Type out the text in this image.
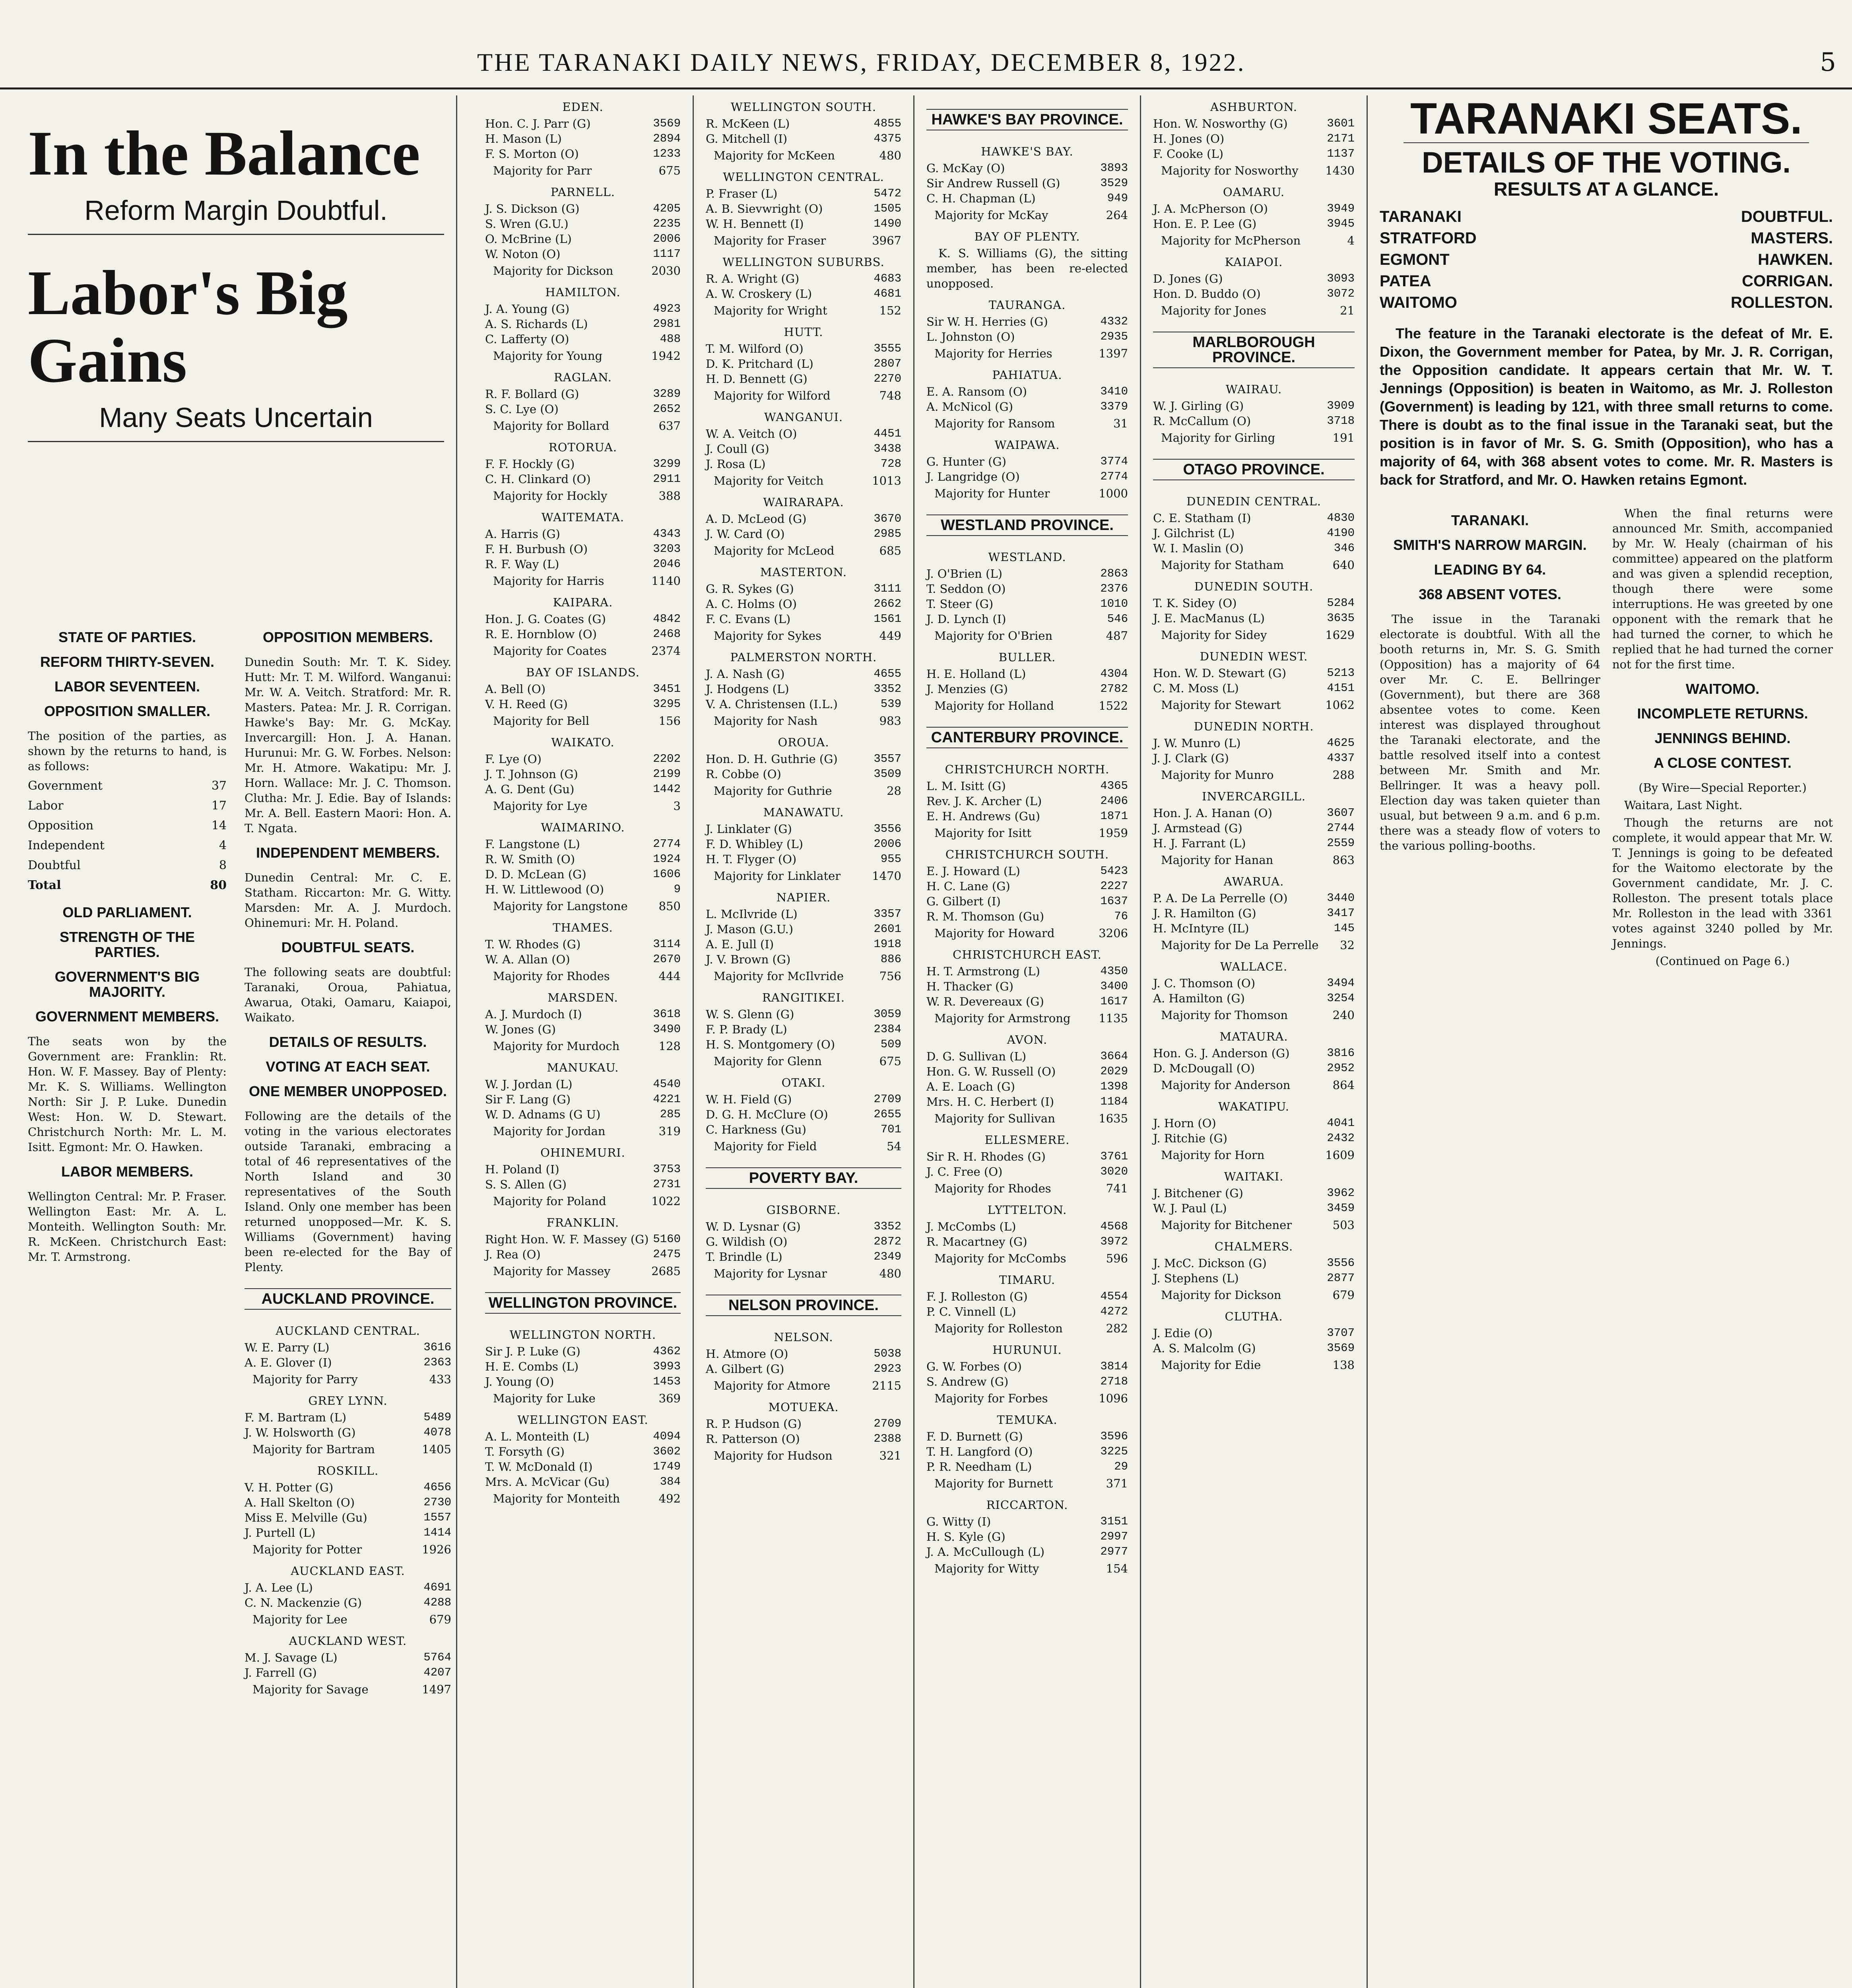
THE TARANAKI DAILY NEWS, FRIDAY, DECEMBER 8, 1922.	5
In the Balance
Reform Margin Doubtful.
Labor's Big Gains
Many Seats Uncertain
STATE OF PARTIES.
REFORM THIRTY-SEVEN.
LABOR SEVENTEEN.
OPPOSITION SMALLER.

The position of the parties, as shown by the returns to hand, is as follows:

Government	37
Labor	17
Opposition	14
Independent	4
Doubtful	8
Total	80
OLD PARLIAMENT.
STRENGTH OF THE PARTIES.
GOVERNMENT'S BIG MAJORITY.
GOVERNMENT MEMBERS.

The seats won by the Government are: Franklin: Rt. Hon. W. F. Massey. Bay of Plenty: Mr. K. S. Williams. Wellington North: Sir J. P. Luke. Dunedin West: Hon. W. D. Stewart. Christchurch North: Mr. L. M. Isitt. Egmont: Mr. O. Hawken.

LABOR MEMBERS.

Wellington Central: Mr. P. Fraser. Wellington East: Mr. A. L. Monteith. Wellington South: Mr. R. McKeen. Christchurch East: Mr. T. Armstrong.

OPPOSITION MEMBERS.

Dunedin South: Mr. T. K. Sidey. Hutt: Mr. T. M. Wilford. Wanganui: Mr. W. A. Veitch. Stratford: Mr. R. Masters. Patea: Mr. J. R. Corrigan. Hawke's Bay: Mr. G. McKay. Invercargill: Hon. J. A. Hanan. Hurunui: Mr. G. W. Forbes. Nelson: Mr. H. Atmore. Wakatipu: Mr. J. Horn. Wallace: Mr. J. C. Thomson. Clutha: Mr. J. Edie. Bay of Islands: Mr. A. Bell. Eastern Maori: Hon. A. T. Ngata.

INDEPENDENT MEMBERS.

Dunedin Central: Mr. C. E. Statham. Riccarton: Mr. G. Witty. Marsden: Mr. A. J. Murdoch. Ohinemuri: Mr. H. Poland.

DOUBTFUL SEATS.

The following seats are doubtful: Taranaki, Oroua, Pahiatua, Awarua, Otaki, Oamaru, Kaiapoi, Waikato.

DETAILS OF RESULTS.
VOTING AT EACH SEAT.
ONE MEMBER UNOPPOSED.

Following are the details of the voting in the various electorates outside Taranaki, embracing a total of 46 representatives of the North Island and 30 representatives of the South Island. Only one member has been returned unopposed—Mr. K. S. Williams (Government) having been re-elected for the Bay of Plenty.

AUCKLAND PROVINCE.
AUCKLAND CENTRAL.
W. E. Parry (L)	3616
A. E. Glover (I)	2363
Majority for Parry	433
GREY LYNN.
F. M. Bartram (L)	5489
J. W. Holsworth (G)	4078
Majority for Bartram	1405
ROSKILL.
V. H. Potter (G)	4656
A. Hall Skelton (O)	2730
Miss E. Melville (Gu)	1557
J. Purtell (L)	1414
Majority for Potter	1926
AUCKLAND EAST.
J. A. Lee (L)	4691
C. N. Mackenzie (G)	4288
Majority for Lee	679
AUCKLAND WEST.
M. J. Savage (L)	5764
J. Farrell (G)	4207
Majority for Savage	1497
EDEN.
Hon. C. J. Parr (G)	3569
H. Mason (L)	2894
F. S. Morton (O)	1233
Majority for Parr	675
PARNELL.
J. S. Dickson (G)	4205
S. Wren (G.U.)	2235
O. McBrine (L)	2006
W. Noton (O)	1117
Majority for Dickson	2030
HAMILTON.
J. A. Young (G)	4923
A. S. Richards (L)	2981
C. Lafferty (O)	488
Majority for Young	1942
RAGLAN.
R. F. Bollard (G)	3289
S. C. Lye (O)	2652
Majority for Bollard	637
ROTORUA.
F. F. Hockly (G)	3299
C. H. Clinkard (O)	2911
Majority for Hockly	388
WAITEMATA.
A. Harris (G)	4343
F. H. Burbush (O)	3203
R. F. Way (L)	2046
Majority for Harris	1140
KAIPARA.
Hon. J. G. Coates (G)	4842
R. E. Hornblow (O)	2468
Majority for Coates	2374
BAY OF ISLANDS.
A. Bell (O)	3451
V. H. Reed (G)	3295
Majority for Bell	156
WAIKATO.
F. Lye (O)	2202
J. T. Johnson (G)	2199
A. G. Dent (Gu)	1442
Majority for Lye	3
WAIMARINO.
F. Langstone (L)	2774
R. W. Smith (O)	1924
D. D. McLean (G)	1606
H. W. Littlewood (O)	9
Majority for Langstone	850
THAMES.
T. W. Rhodes (G)	3114
W. A. Allan (O)	2670
Majority for Rhodes	444
MARSDEN.
A. J. Murdoch (I)	3618
W. Jones (G)	3490
Majority for Murdoch	128
MANUKAU.
W. J. Jordan (L)	4540
Sir F. Lang (G)	4221
W. D. Adnams (G U)	285
Majority for Jordan	319
OHINEMURI.
H. Poland (I)	3753
S. S. Allen (G)	2731
Majority for Poland	1022
FRANKLIN.
Right Hon. W. F. Massey (G) 5160
J. Rea (O)	2475
Majority for Massey	2685
WELLINGTON PROVINCE.
WELLINGTON NORTH.
Sir J. P. Luke (G)	4362
H. E. Combs (L)	3993
J. Young (O)	1453
Majority for Luke	369
WELLINGTON EAST.
A. L. Monteith (L)	4094
T. Forsyth (G)	3602
T. W. McDonald (I)	1749
Mrs. A. McVicar (Gu)	384
Majority for Monteith	492
WELLINGTON SOUTH.
R. McKeen (L)	4855
G. Mitchell (I)	4375
Majority for McKeen	480
WELLINGTON CENTRAL.
P. Fraser (L)	5472
A. B. Sievwright (O)	1505
W. H. Bennett (I)	1490
Majority for Fraser	3967
WELLINGTON SUBURBS.
R. A. Wright (G)	4683
A. W. Croskery (L)	4681
Majority for Wright	152
HUTT.
T. M. Wilford (O)	3555
D. K. Pritchard (L)	2807
H. D. Bennett (G)	2270
Majority for Wilford	748
WANGANUI.
W. A. Veitch (O)	4451
J. Coull (G)	3438
J. Rosa (L)	728
Majority for Veitch	1013
WAIRARAPA.
A. D. McLeod (G)	3670
J. W. Card (O)	2985
Majority for McLeod	685
MASTERTON.
G. R. Sykes (G)	3111
A. C. Holms (O)	2662
F. C. Evans (L)	1561
Majority for Sykes	449
PALMERSTON NORTH.
J. A. Nash (G)	4655
J. Hodgens (L)	3352
V. A. Christensen (I.L.)	539
Majority for Nash	983
OROUA.
Hon. D. H. Guthrie (G)	3557
R. Cobbe (O)	3509
Majority for Guthrie	28
MANAWATU.
J. Linklater (G)	3556
F. D. Whibley (L)	2006
H. T. Flyger (O)	955
Majority for Linklater	1470
NAPIER.
L. McIlvride (L)	3357
J. Mason (G.U.)	2601
A. E. Jull (I)	1918
J. V. Brown (G)	886
Majority for McIlvride	756
RANGITIKEI.
W. S. Glenn (G)	3059
F. P. Brady (L)	2384
H. S. Montgomery (O)	509
Majority for Glenn	675
OTAKI.
W. H. Field (G)	2709
D. G. H. McClure (O)	2655
C. Harkness (Gu)	701
Majority for Field	54
POVERTY BAY.
GISBORNE.
W. D. Lysnar (G)	3352
G. Wildish (O)	2872
T. Brindle (L)	2349
Majority for Lysnar	480
NELSON PROVINCE.
NELSON.
H. Atmore (O)	5038
A. Gilbert (G)	2923
Majority for Atmore	2115
MOTUEKA.
R. P. Hudson (G)	2709
R. Patterson (O)	2388
Majority for Hudson	321
HAWKE'S BAY PROVINCE.
HAWKE'S BAY.
G. McKay (O)	3893
Sir Andrew Russell (G)	3529
C. H. Chapman (L)	949
Majority for McKay	264
BAY OF PLENTY.
K. S. Williams (G), the sitting member, has been re-elected unopposed.
TAURANGA.
Sir W. H. Herries (G)	4332
L. Johnston (O)	2935
Majority for Herries	1397
PAHIATUA.
E. A. Ransom (O)	3410
A. McNicol (G)	3379
Majority for Ransom	31
WAIPAWA.
G. Hunter (G)	3774
J. Langridge (O)	2774
Majority for Hunter	1000
WESTLAND PROVINCE.
WESTLAND.
J. O'Brien (L)	2863
T. Seddon (O)	2376
T. Steer (G)	1010
J. D. Lynch (I)	546
Majority for O'Brien	487
BULLER.
H. E. Holland (L)	4304
J. Menzies (G)	2782
Majority for Holland	1522
CANTERBURY PROVINCE.
CHRISTCHURCH NORTH.
L. M. Isitt (G)	4365
Rev. J. K. Archer (L)	2406
E. H. Andrews (Gu)	1871
Majority for Isitt	1959
CHRISTCHURCH SOUTH.
E. J. Howard (L)	5423
H. C. Lane (G)	2227
G. Gilbert (I)	1637
R. M. Thomson (Gu)	76
Majority for Howard	3206
CHRISTCHURCH EAST.
H. T. Armstrong (L)	4350
H. Thacker (G)	3400
W. R. Devereaux (G)	1617
Majority for Armstrong 1135
AVON.
D. G. Sullivan (L)	3664
Hon. G. W. Russell (O)	2029
A. E. Loach (G)	1398
Mrs. H. C. Herbert (I)	1184
Majority for Sullivan	1635
ELLESMERE.
Sir R. H. Rhodes (G)	3761
J. C. Free (O)	3020
Majority for Rhodes	741
LYTTELTON.
J. McCombs (L)	4568
R. Macartney (G)	3972
Majority for McCombs	596
TIMARU.
F. J. Rolleston (G)	4554
P. C. Vinnell (L)	4272
Majority for Rolleston	282
HURUNUI.
G. W. Forbes (O)	3814
S. Andrew (G)	2718
Majority for Forbes	1096
TEMUKA.
F. D. Burnett (G)	3596
T. H. Langford (O)	3225
P. R. Needham (L)	29
Majority for Burnett	371
RICCARTON.
G. Witty (I)	3151
H. S. Kyle (G)	2997
J. A. McCullough (L)	2977
Majority for Witty	154
ASHBURTON.
Hon. W. Nosworthy (G)	3601
H. Jones (O)	2171
F. Cooke (L)	1137
Majority for Nosworthy 1430
OAMARU.
J. A. McPherson (O)	3949
Hon. E. P. Lee (G)	3945
Majority for McPherson	4
KAIAPOI.
D. Jones (G)	3093
Hon. D. Buddo (O)	3072
Majority for Jones	21
MARLBOROUGH PROVINCE.
WAIRAU.
W. J. Girling (G)	3909
R. McCallum (O)	3718
Majority for Girling	191
OTAGO PROVINCE.
DUNEDIN CENTRAL.
C. E. Statham (I)	4830
J. Gilchrist (L)	4190
W. I. Maslin (O)	346
Majority for Statham	640
DUNEDIN SOUTH.
T. K. Sidey (O)	5284
J. E. MacManus (L)	3635
Majority for Sidey	1629
DUNEDIN WEST.
Hon. W. D. Stewart (G)	5213
C. M. Moss (L)	4151
Majority for Stewart	1062
DUNEDIN NORTH.
J. W. Munro (L)	4625
J. J. Clark (G)	4337
Majority for Munro	288
INVERCARGILL.
Hon. J. A. Hanan (O)	3607
J. Armstead (G)	2744
H. J. Farrant (L)	2559
Majority for Hanan	863
AWARUA.
P. A. De La Perrelle (O)	3440
J. R. Hamilton (G)	3417
H. McIntyre (IL)	145
Majority for De La Perrelle 32
WALLACE.
J. C. Thomson (O)	3494
A. Hamilton (G)	3254
Majority for Thomson	240
MATAURA.
Hon. G. J. Anderson (G)	3816
D. McDougall (O)	2952
Majority for Anderson	864
WAKATIPU.
J. Horn (O)	4041
J. Ritchie (G)	2432
Majority for Horn	1609
WAITAKI.
J. Bitchener (G)	3962
W. J. Paul (L)	3459
Majority for Bitchener	503
CHALMERS.
J. McC. Dickson (G)	3556
J. Stephens (L)	2877
Majority for Dickson	679
CLUTHA.
J. Edie (O)	3707
A. S. Malcolm (G)	3569
Majority for Edie	138
TARANAKI SEATS.
DETAILS OF THE VOTING.
RESULTS AT A GLANCE.
TARANAKI	DOUBTFUL.
STRATFORD	MASTERS.
EGMONT	HAWKEN.
PATEA	CORRIGAN.
WAITOMO	ROLLESTON.

The feature in the Taranaki electorate is the defeat of Mr. E. Dixon, the Government member for Patea, by Mr. J. R. Corrigan, the Opposition candidate. It appears certain that Mr. W. T. Jennings (Opposition) is beaten in Waitomo, as Mr. J. Rolleston (Government) is leading by 121, with three small returns to come. There is doubt as to the final issue in the Taranaki seat, but the position is in favor of Mr. S. G. Smith (Opposition), who has a majority of 64, with 368 absent votes to come. Mr. R. Masters is back for Stratford, and Mr. O. Hawken retains Egmont.

TARANAKI.
SMITH'S NARROW MARGIN.
LEADING BY 64.
368 ABSENT VOTES.

The issue in the Taranaki electorate is doubtful. With all the booth returns in, Mr. S. G. Smith (Opposition) has a majority of 64 over Mr. C. E. Bellringer (Government), but there are 368 absentee votes to come. Keen interest was displayed throughout the Taranaki electorate, and the battle resolved itself into a contest between Mr. Smith and Mr. Bellringer. It was a heavy poll. Election day was taken quieter than usual, but between 9 a.m. and 6 p.m. there was a steady flow of voters to the various polling-booths.

When the final returns were announced Mr. Smith, accompanied by Mr. W. Healy (chairman of his committee) appeared on the platform and was given a splendid reception, though there were some interruptions. He was greeted by one opponent with the remark that he had turned the corner, to which he replied that he had turned the corner not for the first time.

WAITOMO.
INCOMPLETE RETURNS.
JENNINGS BEHIND.
A CLOSE CONTEST.

(By Wire—Special Reporter.)

Waitara, Last Night.

Though the returns are not complete, it would appear that Mr. W. T. Jennings is going to be defeated for the Waitomo electorate by the Government candidate, Mr. J. C. Rolleston. The present totals place Mr. Rolleston in the lead with 3361 votes against 3240 polled by Mr. Jennings.

(Continued on Page 6.)
